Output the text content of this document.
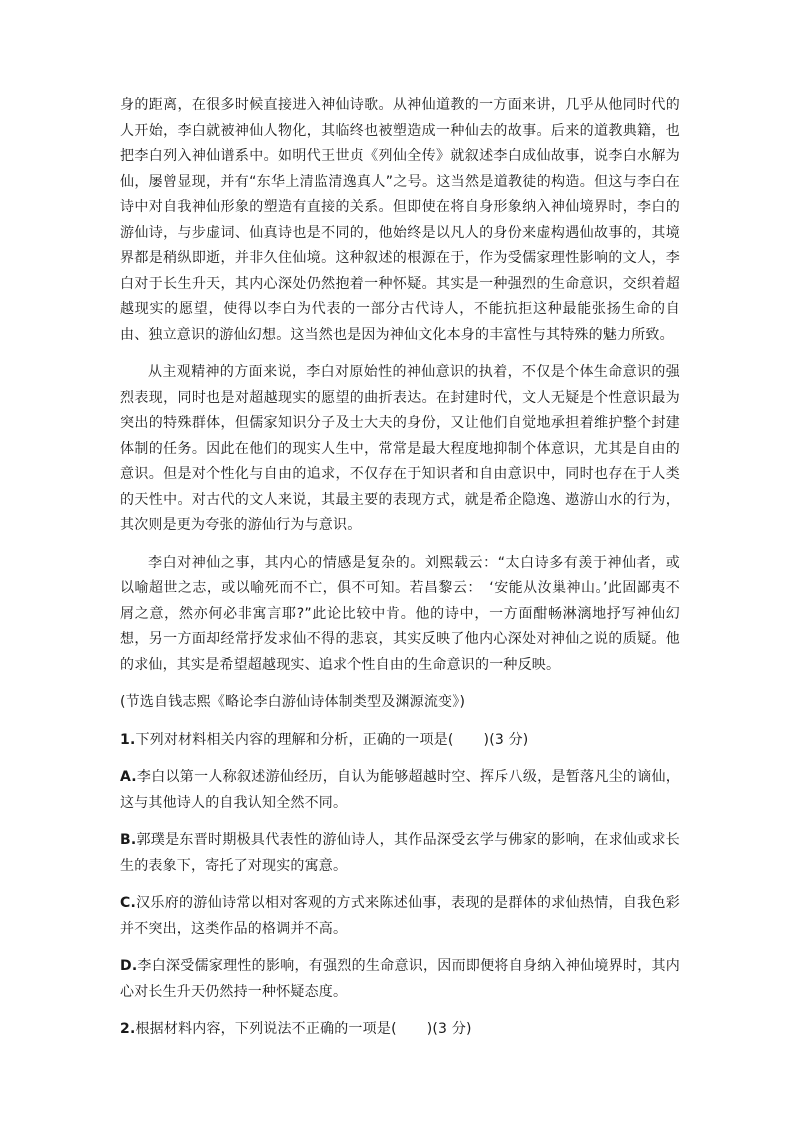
身的距离，在很多时候直接进入神仙诗歌。从神仙道教的一方面来讲，几乎从他同时代的人开始，李白就被神仙人物化，其临终也被塑造成一种仙去的故事。后来的道教典籍，也把李白列入神仙谱系中。如明代王世贞《列仙全传》就叙述李白成仙故事，说李白水解为仙，屡曾显现，并有“东华上清监清逸真人”之号。这当然是道教徒的构造。但这与李白在诗中对自我神仙形象的塑造有直接的关系。但即使在将自身形象纳入神仙境界时，李白的游仙诗，与步虚词、仙真诗也是不同的，他始终是以凡人的身份来虚构遇仙故事的，其境界都是稍纵即逝，并非久住仙境。这种叙述的根源在于，作为受儒家理性影响的文人，李白对于长生升天，其内心深处仍然抱着一种怀疑。其实是一种强烈的生命意识，交织着超越现实的愿望，使得以李白为代表的一部分古代诗人，不能抗拒这种最能张扬生命的自由、独立意识的游仙幻想。这当然也是因为神仙文化本身的丰富性与其特殊的魅力所致。

从主观精神的方面来说，李白对原始性的神仙意识的执着，不仅是个体生命意识的强烈表现，同时也是对超越现实的愿望的曲折表达。在封建时代，文人无疑是个性意识最为突出的特殊群体，但儒家知识分子及士大夫的身份，又让他们自觉地承担着维护整个封建体制的任务。因此在他们的现实人生中，常常是最大程度地抑制个体意识，尤其是自由的意识。但是对个性化与自由的追求，不仅存在于知识者和自由意识中，同时也存在于人类的天性中。对古代的文人来说，其最主要的表现方式，就是希企隐逸、遨游山水的行为，其次则是更为夸张的游仙行为与意识。

李白对神仙之事，其内心的情感是复杂的。刘熙载云：“太白诗多有羡于神仙者，或以喻超世之志，或以喻死而不亡，俱不可知。若昌黎云：　‘安能从汝巢神山。’此固鄙夷不屑之意，然亦何必非寓言耶?”此论比较中肯。他的诗中，一方面酣畅淋漓地抒写神仙幻想，另一方面却经常抒发求仙不得的悲哀，其实反映了他内心深处对神仙之说的质疑。他的求仙，其实是希望超越现实、追求个性自由的生命意识的一种反映。

(节选自钱志熙《略论李白游仙诗体制类型及渊源流变》)

1.下列对材料相关内容的理解和分析，正确的一项是( )(3 分)

A.李白以第一人称叙述游仙经历，自认为能够超越时空、挥斥八级，是暂落凡尘的谪仙，这与其他诗人的自我认知全然不同。

B.郭璞是东晋时期极具代表性的游仙诗人，其作品深受玄学与佛家的影响，在求仙或求长生的表象下，寄托了对现实的寓意。

C.汉乐府的游仙诗常以相对客观的方式来陈述仙事，表现的是群体的求仙热情，自我色彩并不突出，这类作品的格调并不高。

D.李白深受儒家理性的影响，有强烈的生命意识，因而即便将自身纳入神仙境界时，其内心对长生升天仍然持一种怀疑态度。

2.根据材料内容，下列说法不正确的一项是( )(3 分)
